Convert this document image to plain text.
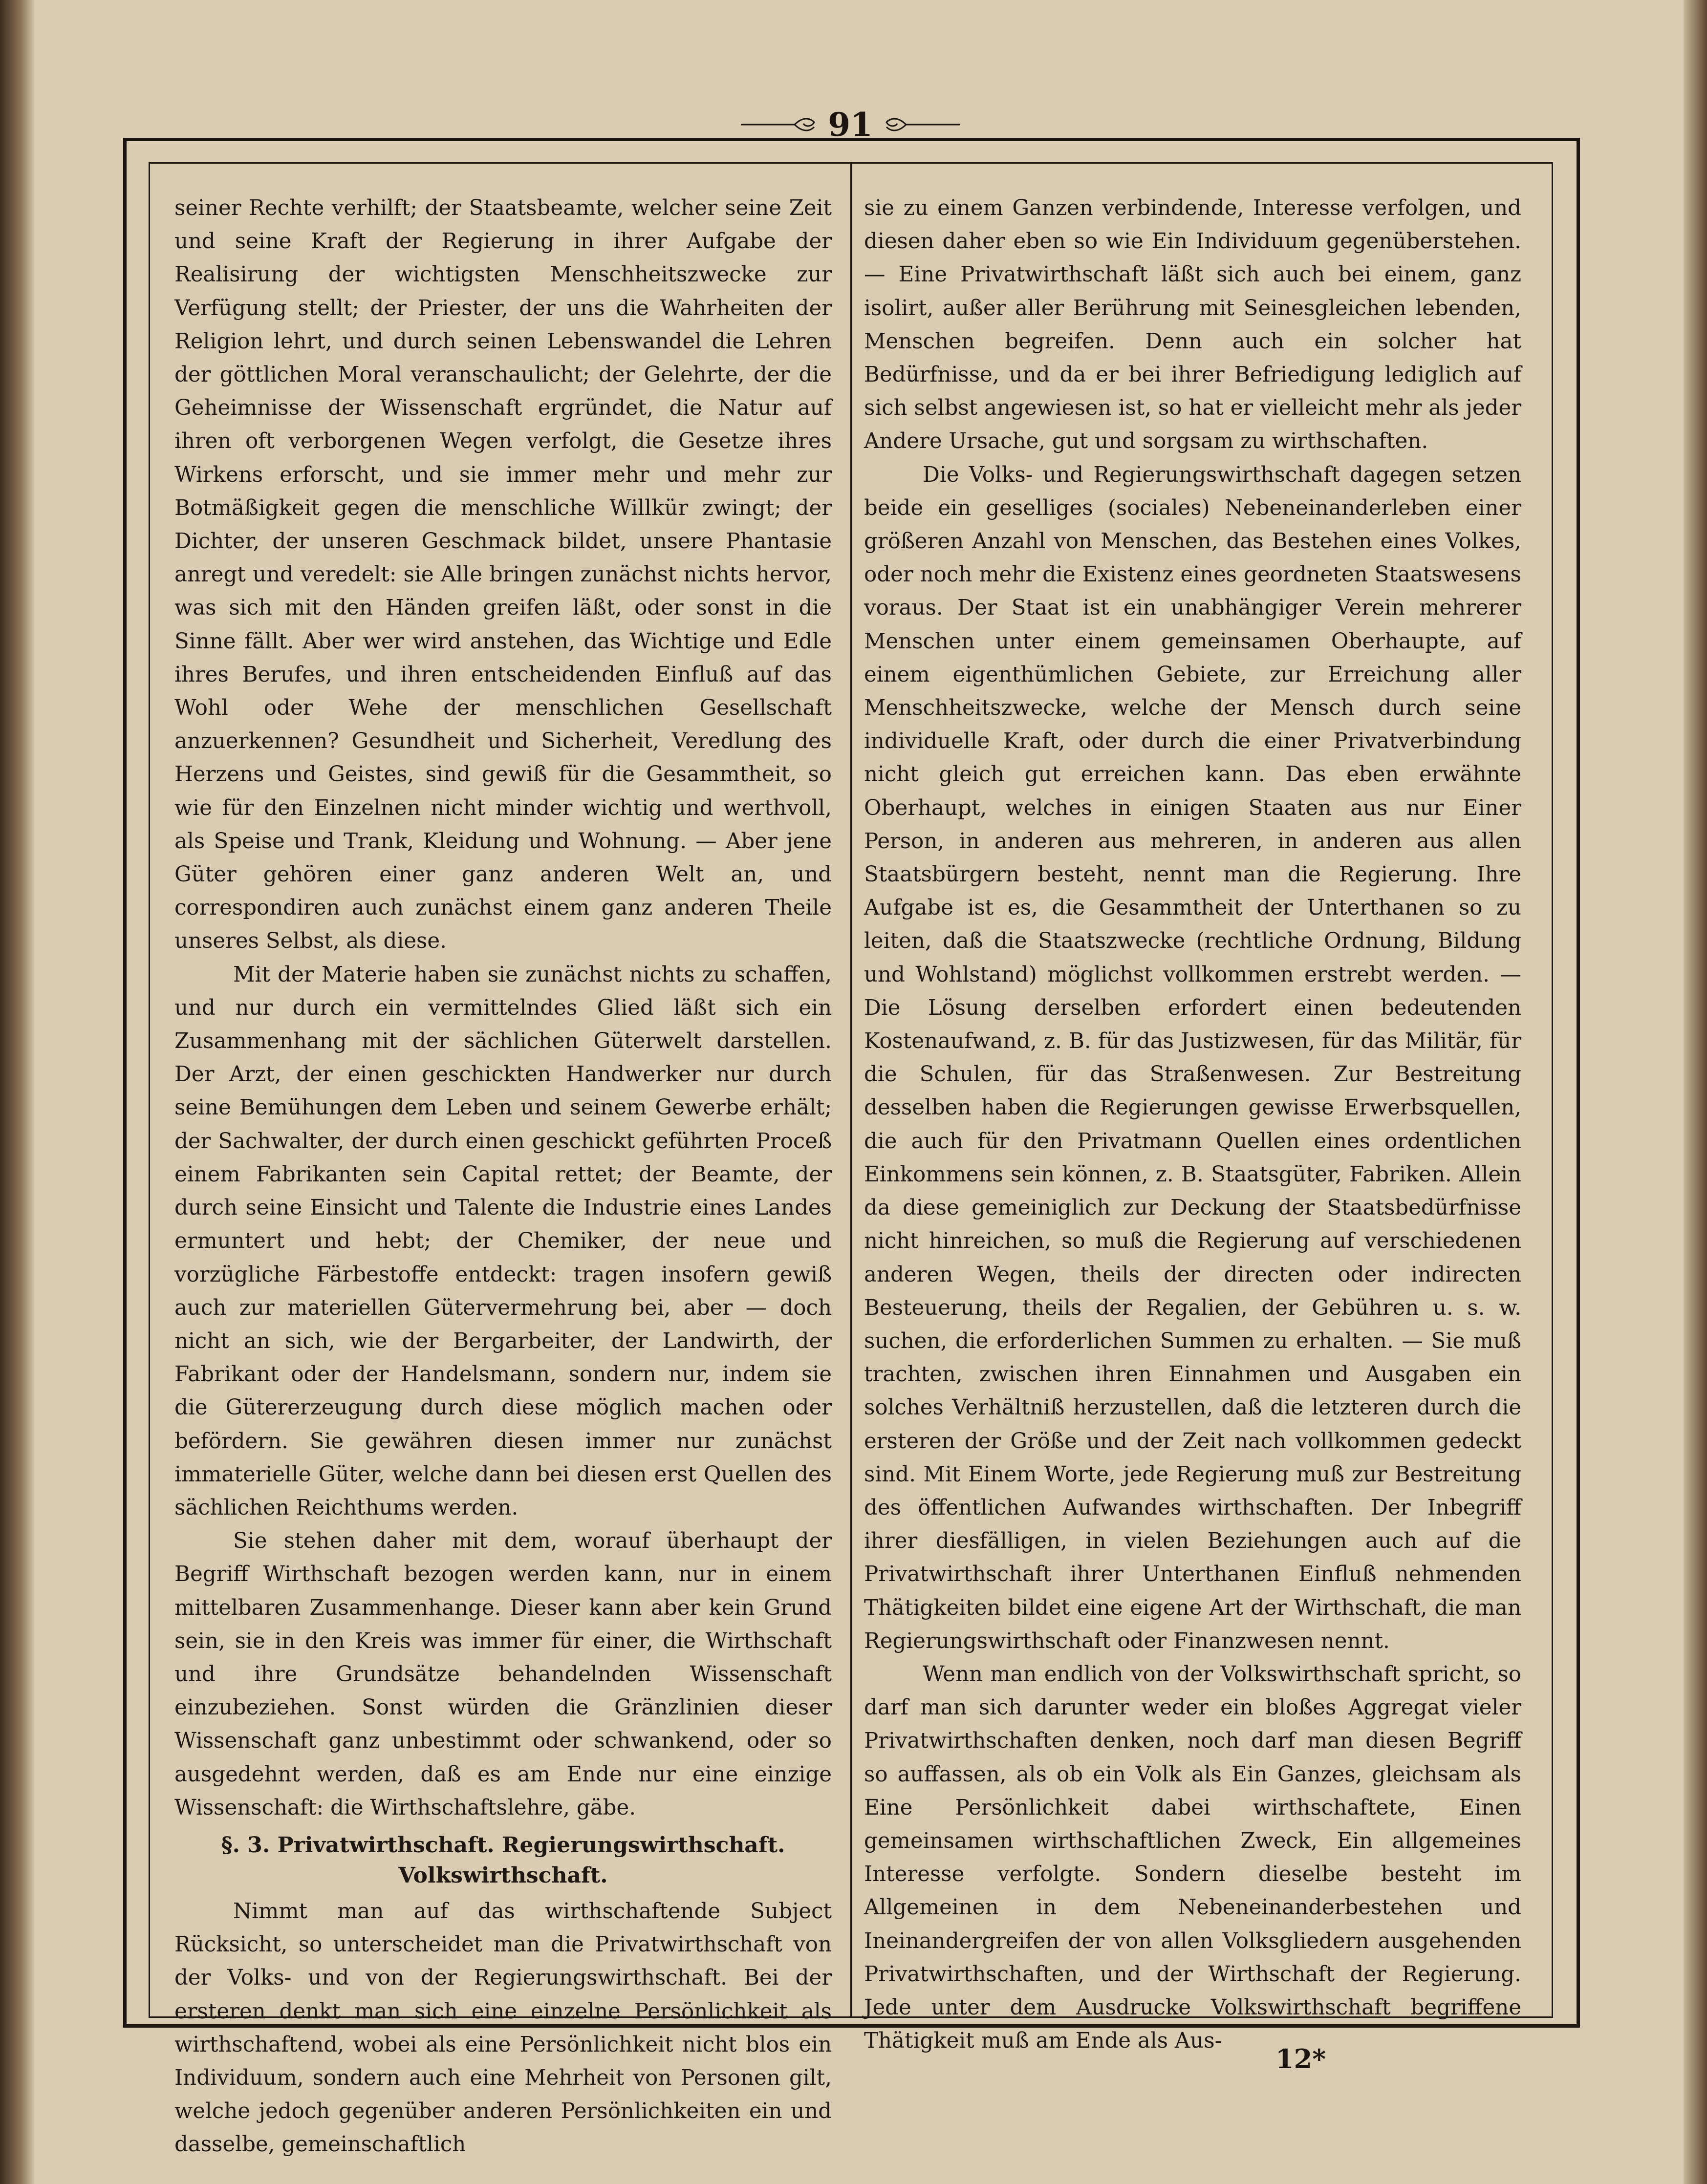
91

seiner Rechte verhilft; der Staatsbeamte, welcher seine Zeit und seine Kraft der Regierung in ihrer Aufgabe der Realisirung der wichtigsten Menschheitszwecke zur Verfügung stellt; der Priester, der uns die Wahrheiten der Religion lehrt, und durch seinen Lebenswandel die Lehren der göttlichen Moral veranschaulicht; der Gelehrte, der die Geheimnisse der Wissenschaft ergründet, die Natur auf ihren oft verborgenen Wegen verfolgt, die Gesetze ihres Wirkens erforscht, und sie immer mehr und mehr zur Botmäßigkeit gegen die menschliche Willkür zwingt; der Dichter, der unseren Geschmack bildet, unsere Phantasie anregt und veredelt: sie Alle bringen zunächst nichts hervor, was sich mit den Händen greifen läßt, oder sonst in die Sinne fällt. Aber wer wird anstehen, das Wichtige und Edle ihres Berufes, und ihren entscheidenden Einfluß auf das Wohl oder Wehe der menschlichen Gesellschaft anzuerkennen? Gesundheit und Sicherheit, Veredlung des Herzens und Geistes, sind gewiß für die Gesammtheit, so wie für den Einzelnen nicht minder wichtig und werthvoll, als Speise und Trank, Kleidung und Wohnung. — Aber jene Güter gehören einer ganz anderen Welt an, und correspondiren auch zunächst einem ganz anderen Theile unseres Selbst, als diese.

Mit der Materie haben sie zunächst nichts zu schaffen, und nur durch ein vermittelndes Glied läßt sich ein Zusammenhang mit der sächlichen Güterwelt darstellen. Der Arzt, der einen geschickten Handwerker nur durch seine Bemühungen dem Leben und seinem Gewerbe erhält; der Sachwalter, der durch einen geschickt geführten Proceß einem Fabrikanten sein Capital rettet; der Beamte, der durch seine Einsicht und Talente die Industrie eines Landes ermuntert und hebt; der Chemiker, der neue und vorzügliche Färbestoffe entdeckt: tragen insofern gewiß auch zur materiellen Gütervermehrung bei, aber — doch nicht an sich, wie der Bergarbeiter, der Landwirth, der Fabrikant oder der Handelsmann, sondern nur, indem sie die Gütererzeugung durch diese möglich machen oder befördern. Sie gewähren diesen immer nur zunächst immaterielle Güter, welche dann bei diesen erst Quellen des sächlichen Reichthums werden.

Sie stehen daher mit dem, worauf überhaupt der Begriff Wirthschaft bezogen werden kann, nur in einem mittelbaren Zusammenhange. Dieser kann aber kein Grund sein, sie in den Kreis was immer für einer, die Wirthschaft und ihre Grundsätze behandelnden Wissenschaft einzubeziehen. Sonst würden die Gränzlinien dieser Wissenschaft ganz unbestimmt oder schwankend, oder so ausgedehnt werden, daß es am Ende nur eine einzige Wissenschaft: die Wirthschaftslehre, gäbe.

§. 3. Privatwirthschaft. Regierungswirthschaft.
Volkswirthschaft.

Nimmt man auf das wirthschaftende Subject Rücksicht, so unterscheidet man die Privatwirthschaft von der Volks- und von der Regierungswirthschaft. Bei der ersteren denkt man sich eine einzelne Persönlichkeit als wirthschaftend, wobei als eine Persönlichkeit nicht blos ein Individuum, sondern auch eine Mehrheit von Personen gilt, welche jedoch gegenüber anderen Persönlichkeiten ein und dasselbe, gemeinschaftlich

sie zu einem Ganzen verbindende, Interesse verfolgen, und diesen daher eben so wie Ein Individuum gegenüberstehen. — Eine Privatwirthschaft läßt sich auch bei einem, ganz isolirt, außer aller Berührung mit Seinesgleichen lebenden, Menschen begreifen. Denn auch ein solcher hat Bedürfnisse, und da er bei ihrer Befriedigung lediglich auf sich selbst angewiesen ist, so hat er vielleicht mehr als jeder Andere Ursache, gut und sorgsam zu wirthschaften.

Die Volks- und Regierungswirthschaft dagegen setzen beide ein geselliges (sociales) Nebeneinanderleben einer größeren Anzahl von Menschen, das Bestehen eines Volkes, oder noch mehr die Existenz eines geordneten Staatswesens voraus. Der Staat ist ein unabhängiger Verein mehrerer Menschen unter einem gemeinsamen Oberhaupte, auf einem eigenthümlichen Gebiete, zur Erreichung aller Menschheitszwecke, welche der Mensch durch seine individuelle Kraft, oder durch die einer Privatverbindung nicht gleich gut erreichen kann. Das eben erwähnte Oberhaupt, welches in einigen Staaten aus nur Einer Person, in anderen aus mehreren, in anderen aus allen Staatsbürgern besteht, nennt man die Regierung. Ihre Aufgabe ist es, die Gesammtheit der Unterthanen so zu leiten, daß die Staatszwecke (rechtliche Ordnung, Bildung und Wohlstand) möglichst vollkommen erstrebt werden. — Die Lösung derselben erfordert einen bedeutenden Kostenaufwand, z. B. für das Justizwesen, für das Militär, für die Schulen, für das Straßenwesen. Zur Bestreitung desselben haben die Regierungen gewisse Erwerbsquellen, die auch für den Privatmann Quellen eines ordentlichen Einkommens sein können, z. B. Staatsgüter, Fabriken. Allein da diese gemeiniglich zur Deckung der Staatsbedürfnisse nicht hinreichen, so muß die Regierung auf verschiedenen anderen Wegen, theils der directen oder indirecten Besteuerung, theils der Regalien, der Gebühren u. s. w. suchen, die erforderlichen Summen zu erhalten. — Sie muß trachten, zwischen ihren Einnahmen und Ausgaben ein solches Verhältniß herzustellen, daß die letzteren durch die ersteren der Größe und der Zeit nach vollkommen gedeckt sind. Mit Einem Worte, jede Regierung muß zur Bestreitung des öffentlichen Aufwandes wirthschaften. Der Inbegriff ihrer diesfälligen, in vielen Beziehungen auch auf die Privatwirthschaft ihrer Unterthanen Einfluß nehmenden Thätigkeiten bildet eine eigene Art der Wirthschaft, die man Regierungswirthschaft oder Finanzwesen nennt.

Wenn man endlich von der Volkswirthschaft spricht, so darf man sich darunter weder ein bloßes Aggregat vieler Privatwirthschaften denken, noch darf man diesen Begriff so auffassen, als ob ein Volk als Ein Ganzes, gleichsam als Eine Persönlichkeit dabei wirthschaftete, Einen gemeinsamen wirthschaftlichen Zweck, Ein allgemeines Interesse verfolgte. Sondern dieselbe besteht im Allgemeinen in dem Nebeneinanderbestehen und Ineinandergreifen der von allen Volksgliedern ausgehenden Privatwirthschaften, und der Wirthschaft der Regierung. Jede unter dem Ausdrucke Volkswirthschaft begriffene Thätigkeit muß am Ende als Aus-

12*
